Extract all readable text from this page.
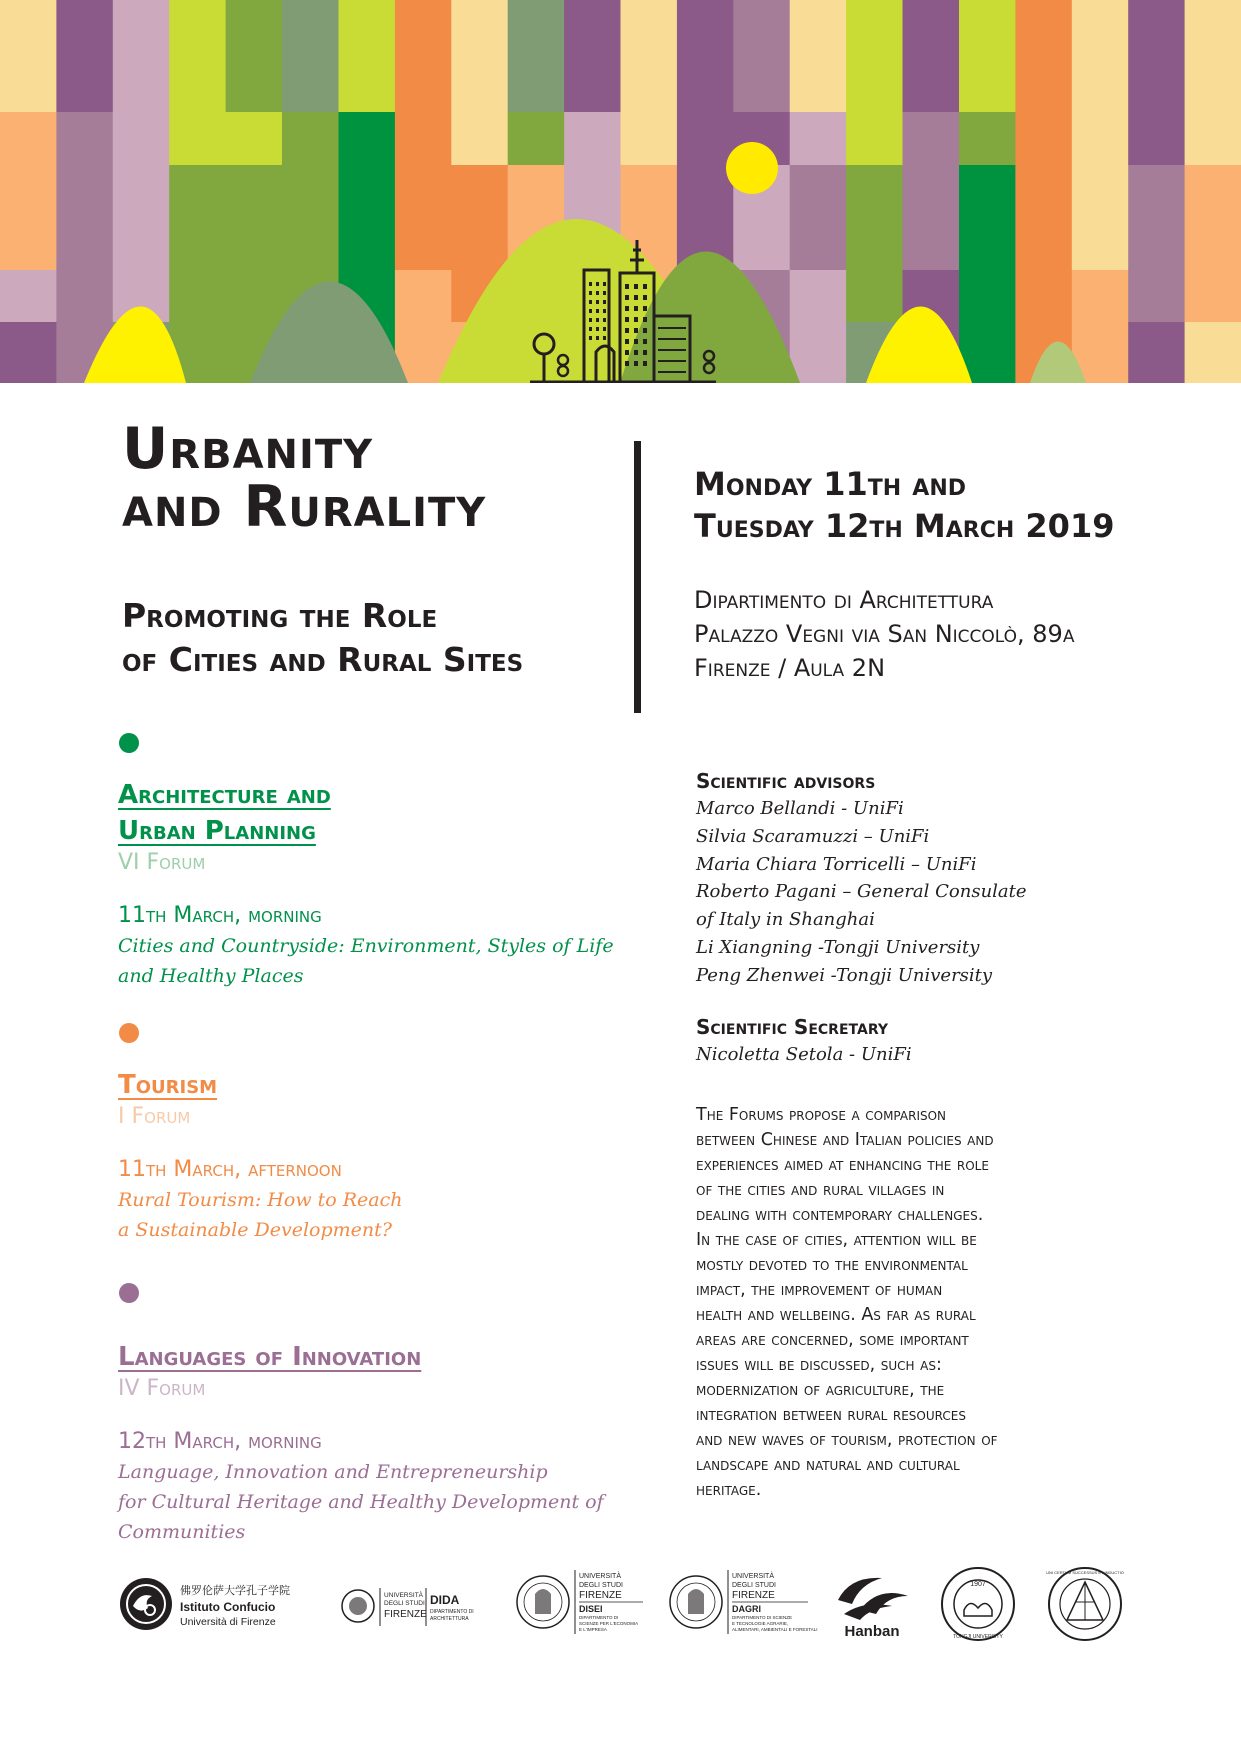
Urbanity
and Rurality
Promoting the Role
of Cities and Rural Sites
Monday 11th and
Tuesday 12th March 2019
Dipartimento di Architettura
Palazzo Vegni via San Niccolò, 89a
Firenze / Aula 2N
Architecture and
Urban Planning
VI Forum
11th March, morning
Cities and Countryside: Environment, Styles of Life
and Healthy Places
Tourism
I Forum
11th March, afternoon
Rural Tourism: How to Reach
a Sustainable Development?
Languages of Innovation
IV Forum
12th March, morning
Language, Innovation and Entrepreneurship
for Cultural Heritage and Healthy Development of Communities
Scientific advisors
Marco Bellandi - UniFi
Silvia Scaramuzzi – UniFi
Maria Chiara Torricelli – UniFi
Roberto Pagani – General Consulate
of Italy in Shanghai
Li Xiangning -Tongji University
Peng Zhenwei -Tongji University
Scientific Secretary
Nicoletta Setola - UniFi
The Forums propose a comparison
between Chinese and Italian policies and
experiences aimed at enhancing the role
of the cities and rural villages in
dealing with contemporary challenges.
In the case of cities, attention will be
mostly devoted to the environmental
impact, the improvement of human
health and wellbeing. As far as rural
areas are concerned, some important
issues will be discussed, such as:
modernization of agriculture, the
integration between rural resources
and new waves of tourism, protection of
landscape and natural and cultural
heritage.
佛罗伦萨大学孔子学院
Istituto Confucio
Università di Firenze
UNIVERSITÀ
DEGLI STUDI
FIRENZE
DIDA
DIPARTIMENTO DI
ARCHITETTURA
UNIVERSITÀ
DEGLI STUDI
FIRENZE
DISEI
DIPARTIMENTO DI
SCIENZE PER L'ECONOMIA
E L'IMPRESA
UNIVERSITÀ
DEGLI STUDI
FIRENZE
DAGRI
DIPARTIMENTO DI SCIENZE
E TECNOLOGIE AGRARIE,
ALIMENTARI, AMBIENTALI E FORESTALI Hanban
1907
TONGJI UNIVERSITY
UNI CERTUM SUCCESSUS ET INDUCTIO
